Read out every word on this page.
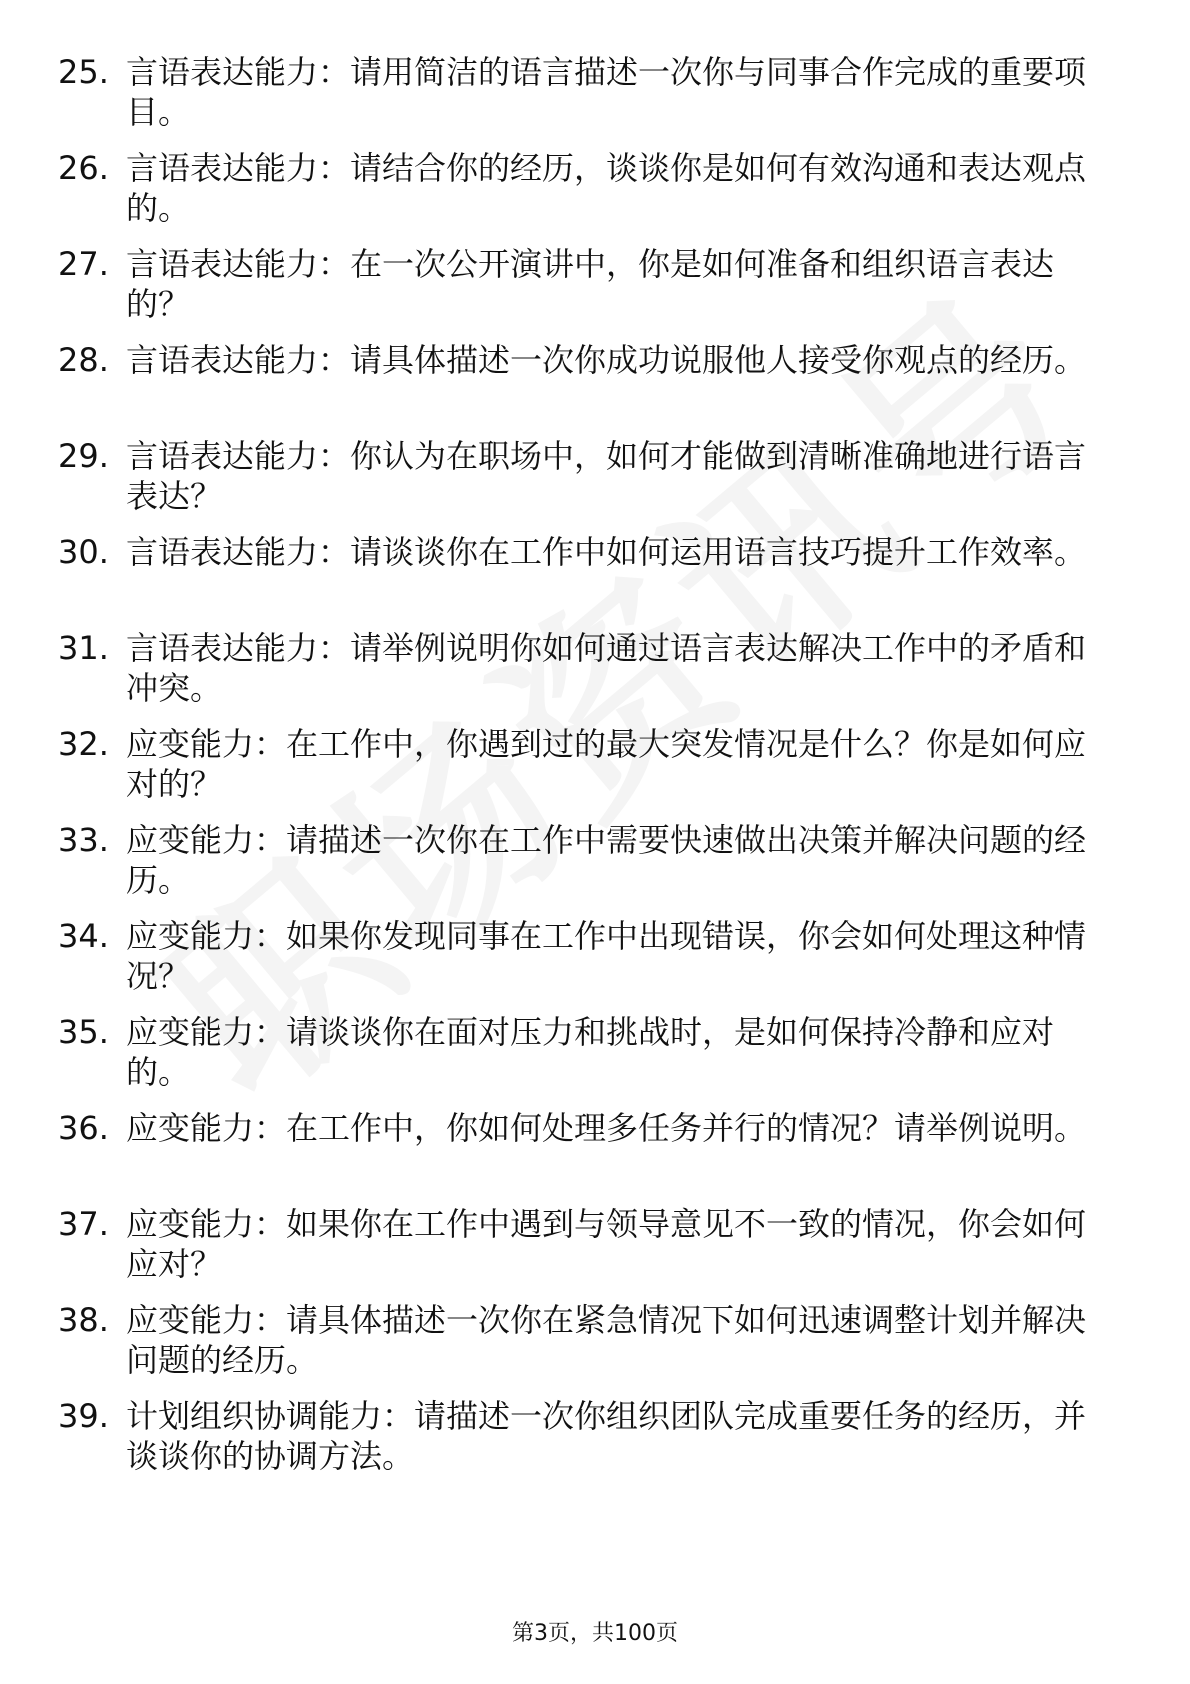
25. 言语表达能力：请用简洁的语言描述一次你与同事合作完成的重要项目。
26. 言语表达能力：请结合你的经历，谈谈你是如何有效沟通和表达观点的。
27. 言语表达能力：在一次公开演讲中，你是如何准备和组织语言表达的？
28. 言语表达能力：请具体描述一次你成功说服他人接受你观点的经历。
29. 言语表达能力：你认为在职场中，如何才能做到清晰准确地进行语言表达？
30. 言语表达能力：请谈谈你在工作中如何运用语言技巧提升工作效率。
31. 言语表达能力：请举例说明你如何通过语言表达解决工作中的矛盾和冲突。
32. 应变能力：在工作中，你遇到过的最大突发情况是什么？你是如何应对的？
33. 应变能力：请描述一次你在工作中需要快速做出决策并解决问题的经历。
34. 应变能力：如果你发现同事在工作中出现错误，你会如何处理这种情况？
35. 应变能力：请谈谈你在面对压力和挑战时，是如何保持冷静和应对的。
36. 应变能力：在工作中，你如何处理多任务并行的情况？请举例说明。
37. 应变能力：如果你在工作中遇到与领导意见不一致的情况，你会如何应对？
38. 应变能力：请具体描述一次你在紧急情况下如何迅速调整计划并解决问题的经历。
39. 计划组织协调能力：请描述一次你组织团队完成重要任务的经历，并谈谈你的协调方法。
第3页，共100页
